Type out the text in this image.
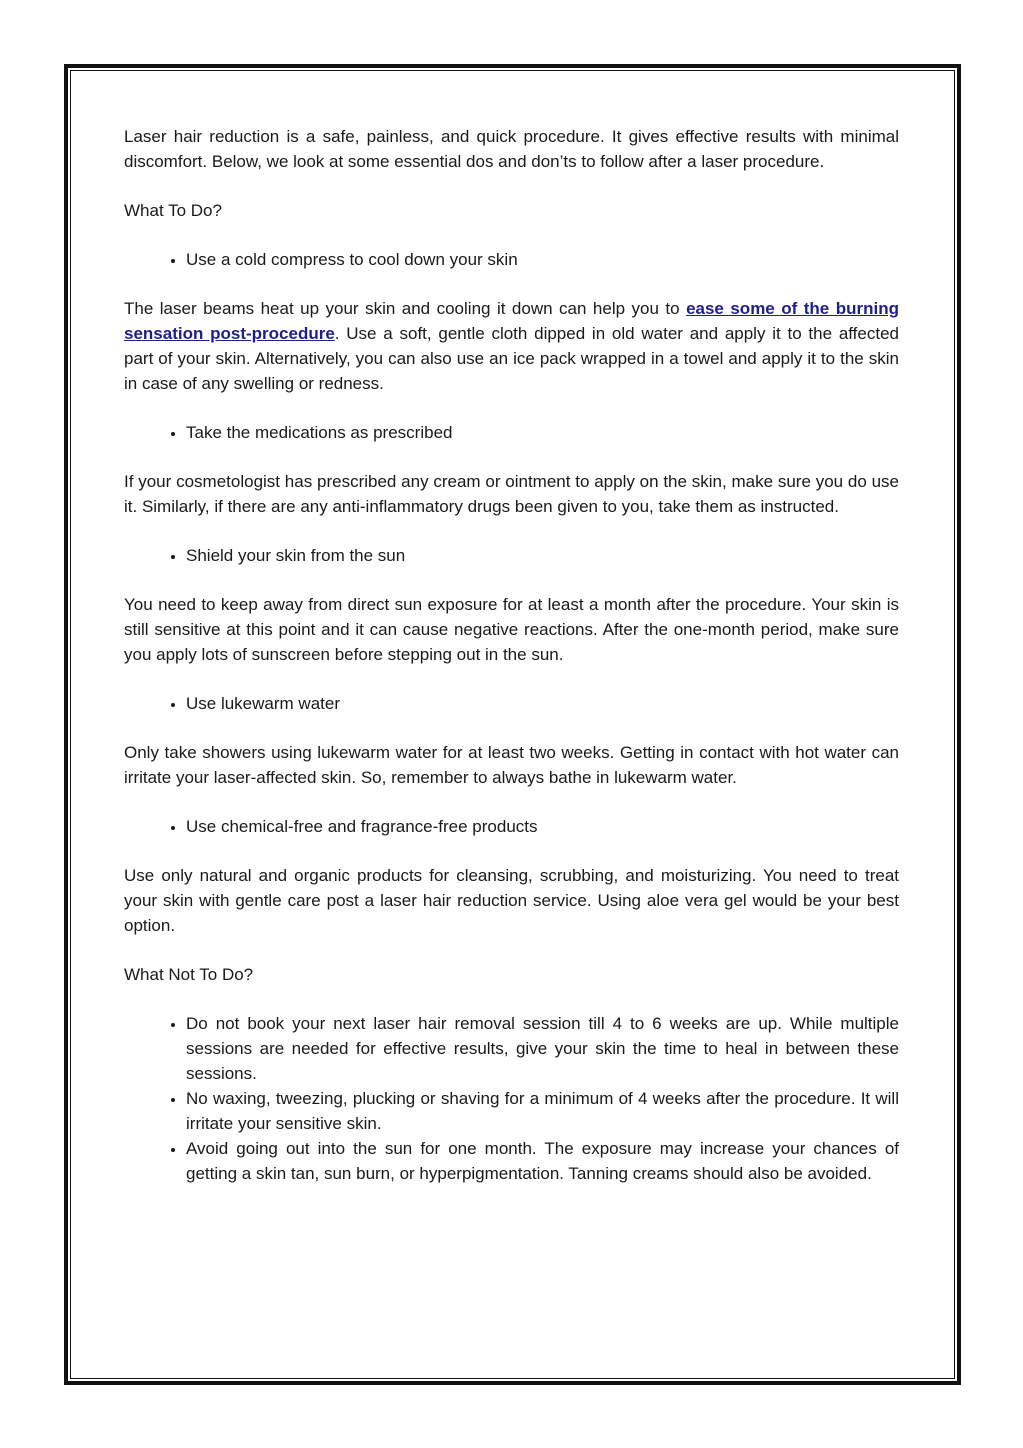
Laser hair reduction is a safe, painless, and quick procedure. It gives effective results with minimal discomfort. Below, we look at some essential dos and don’ts to follow after a laser procedure.

What To Do?

• Use a cold compress to cool down your skin

The laser beams heat up your skin and cooling it down can help you to ease some of the burning sensation post-procedure. Use a soft, gentle cloth dipped in old water and apply it to the affected part of your skin. Alternatively, you can also use an ice pack wrapped in a towel and apply it to the skin in case of any swelling or redness.

• Take the medications as prescribed

If your cosmetologist has prescribed any cream or ointment to apply on the skin, make sure you do use it. Similarly, if there are any anti-inflammatory drugs been given to you, take them as instructed.

• Shield your skin from the sun

You need to keep away from direct sun exposure for at least a month after the procedure. Your skin is still sensitive at this point and it can cause negative reactions. After the one-month period, make sure you apply lots of sunscreen before stepping out in the sun.

• Use lukewarm water

Only take showers using lukewarm water for at least two weeks. Getting in contact with hot water can irritate your laser-affected skin. So, remember to always bathe in lukewarm water.

• Use chemical-free and fragrance-free products

Use only natural and organic products for cleansing, scrubbing, and moisturizing. You need to treat your skin with gentle care post a laser hair reduction service. Using aloe vera gel would be your best option.

What Not To Do?

• Do not book your next laser hair removal session till 4 to 6 weeks are up. While multiple sessions are needed for effective results, give your skin the time to heal in between these sessions.
• No waxing, tweezing, plucking or shaving for a minimum of 4 weeks after the procedure. It will irritate your sensitive skin.
• Avoid going out into the sun for one month. The exposure may increase your chances of getting a skin tan, sun burn, or hyperpigmentation. Tanning creams should also be avoided.
